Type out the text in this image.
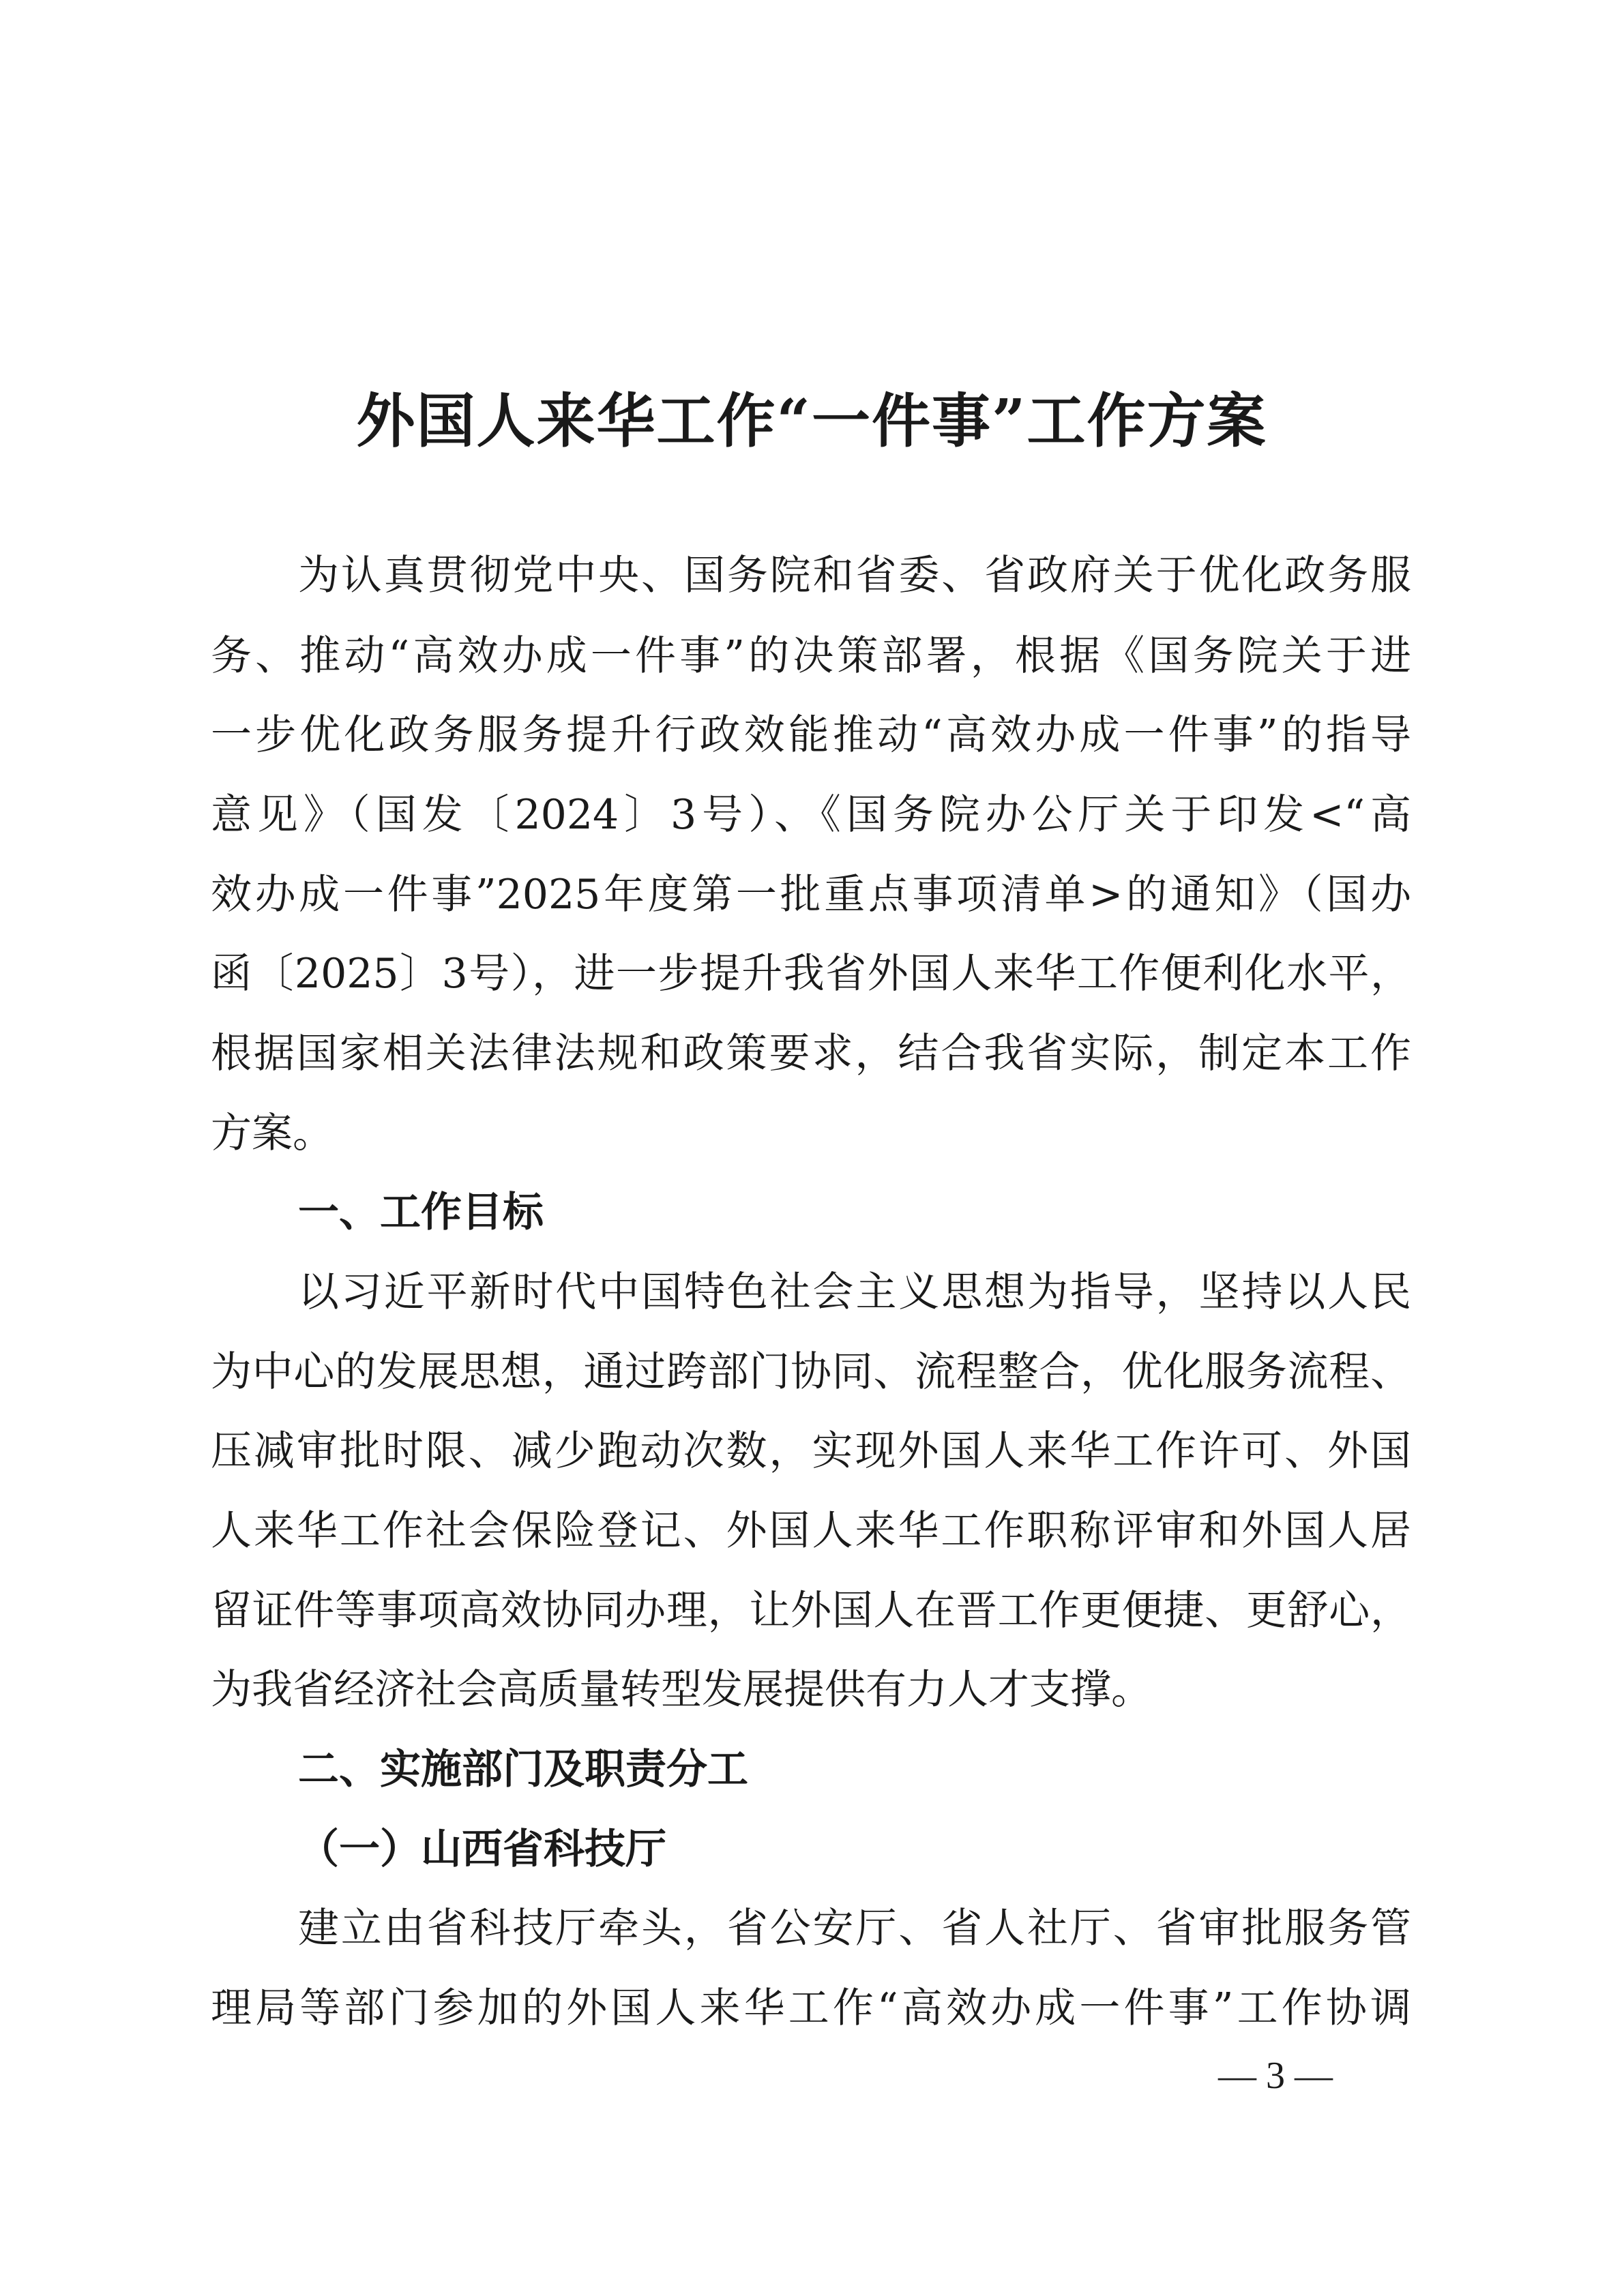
外国人来华工作“一件事”工作方案
为认真贯彻党中央、国务院和省委、省政府关于优化政务服
务、推动“高效办成一件事”的决策部署，根据《国务院关于进
一步优化政务服务提升行政效能推动“高效办成一件事”的指导
意见》（国发〔2024〕3号）、《国务院办公厅关于印发<“高
效办成一件事”2025年度第一批重点事项清单>的通知》（国办
函〔2025〕3号），进一步提升我省外国人来华工作便利化水平，
根据国家相关法律法规和政策要求，结合我省实际，制定本工作
方案。
一、工作目标
以习近平新时代中国特色社会主义思想为指导，坚持以人民
为中心的发展思想，通过跨部门协同、流程整合，优化服务流程、
压减审批时限、减少跑动次数，实现外国人来华工作许可、外国
人来华工作社会保险登记、外国人来华工作职称评审和外国人居
留证件等事项高效协同办理，让外国人在晋工作更便捷、更舒心，
为我省经济社会高质量转型发展提供有力人才支撑。
二、实施部门及职责分工
（一）山西省科技厅
建立由省科技厅牵头，省公安厅、省人社厅、省审批服务管
理局等部门参加的外国人来华工作“高效办成一件事”工作协调
— 3 —
